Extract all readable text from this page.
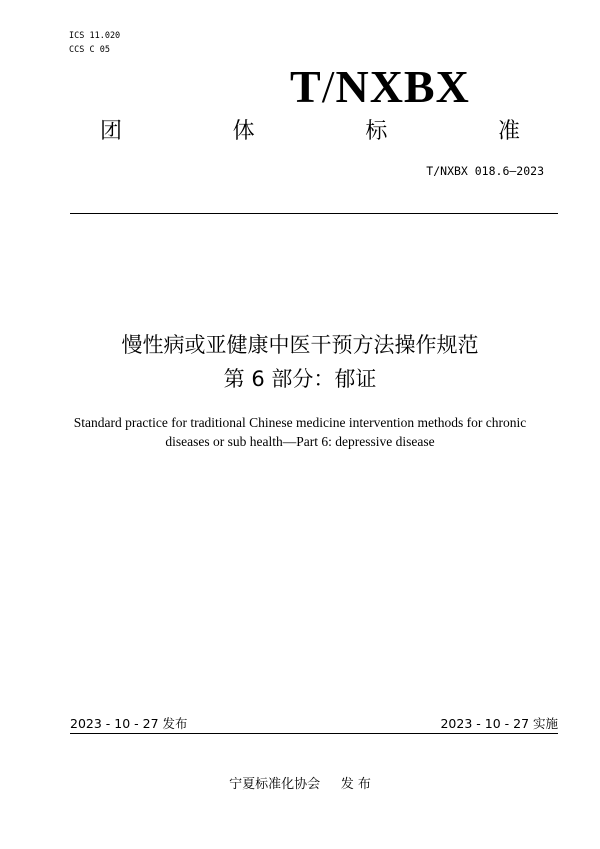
ICS 11.020
CCS C 05
T/NXBX
团	体	标	准
T/NXBX 018.6—2023
慢性病或亚健康中医干预方法操作规范
第 6 部分：郁证
Standard practice for traditional Chinese medicine intervention methods for chronic
diseases or sub health—Part 6: depressive disease
2023 - 10 - 27 发布	2023 - 10 - 27 实施
宁夏标准化协会     发 布
